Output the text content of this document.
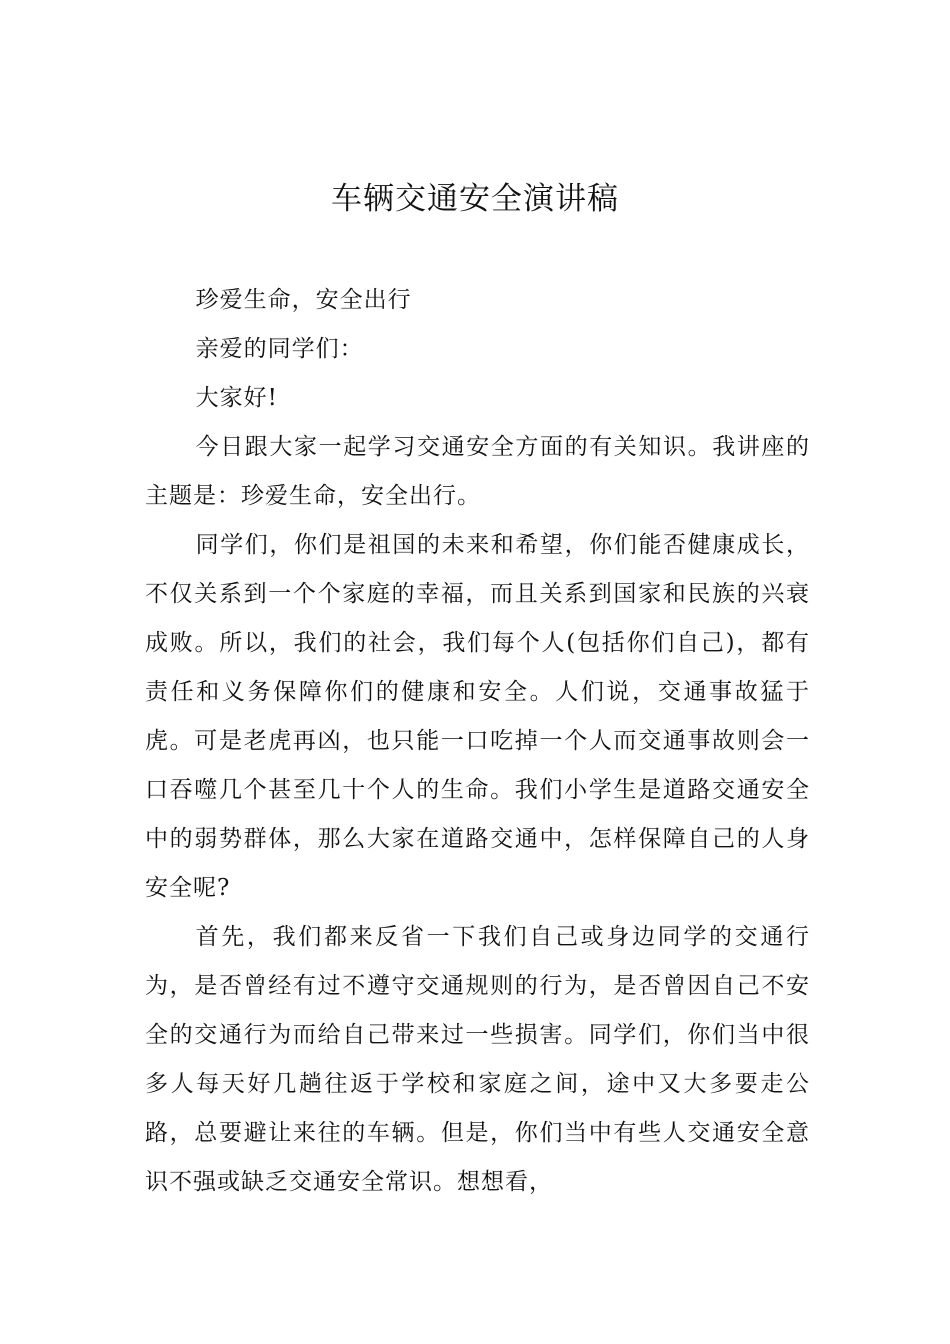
车辆交通安全演讲稿

珍爱生命，安全出行

亲爱的同学们：

大家好!

今日跟大家一起学习交通安全方面的有关知识。我讲座的主题是：珍爱生命，安全出行。

同学们，你们是祖国的未来和希望，你们能否健康成长，不仅关系到一个个家庭的幸福，而且关系到国家和民族的兴衰成败。所以，我们的社会，我们每个人(包括你们自己)，都有责任和义务保障你们的健康和安全。人们说，交通事故猛于虎。可是老虎再凶，也只能一口吃掉一个人而交通事故则会一口吞噬几个甚至几十个人的生命。我们小学生是道路交通安全中的弱势群体，那么大家在道路交通中，怎样保障自己的人身安全呢?

首先，我们都来反省一下我们自己或身边同学的交通行为，是否曾经有过不遵守交通规则的行为，是否曾因自己不安全的交通行为而给自己带来过一些损害。同学们，你们当中很多人每天好几趟往返于学校和家庭之间，途中又大多要走公路，总要避让来往的车辆。但是，你们当中有些人交通安全意识不强或缺乏交通安全常识。想想看，
